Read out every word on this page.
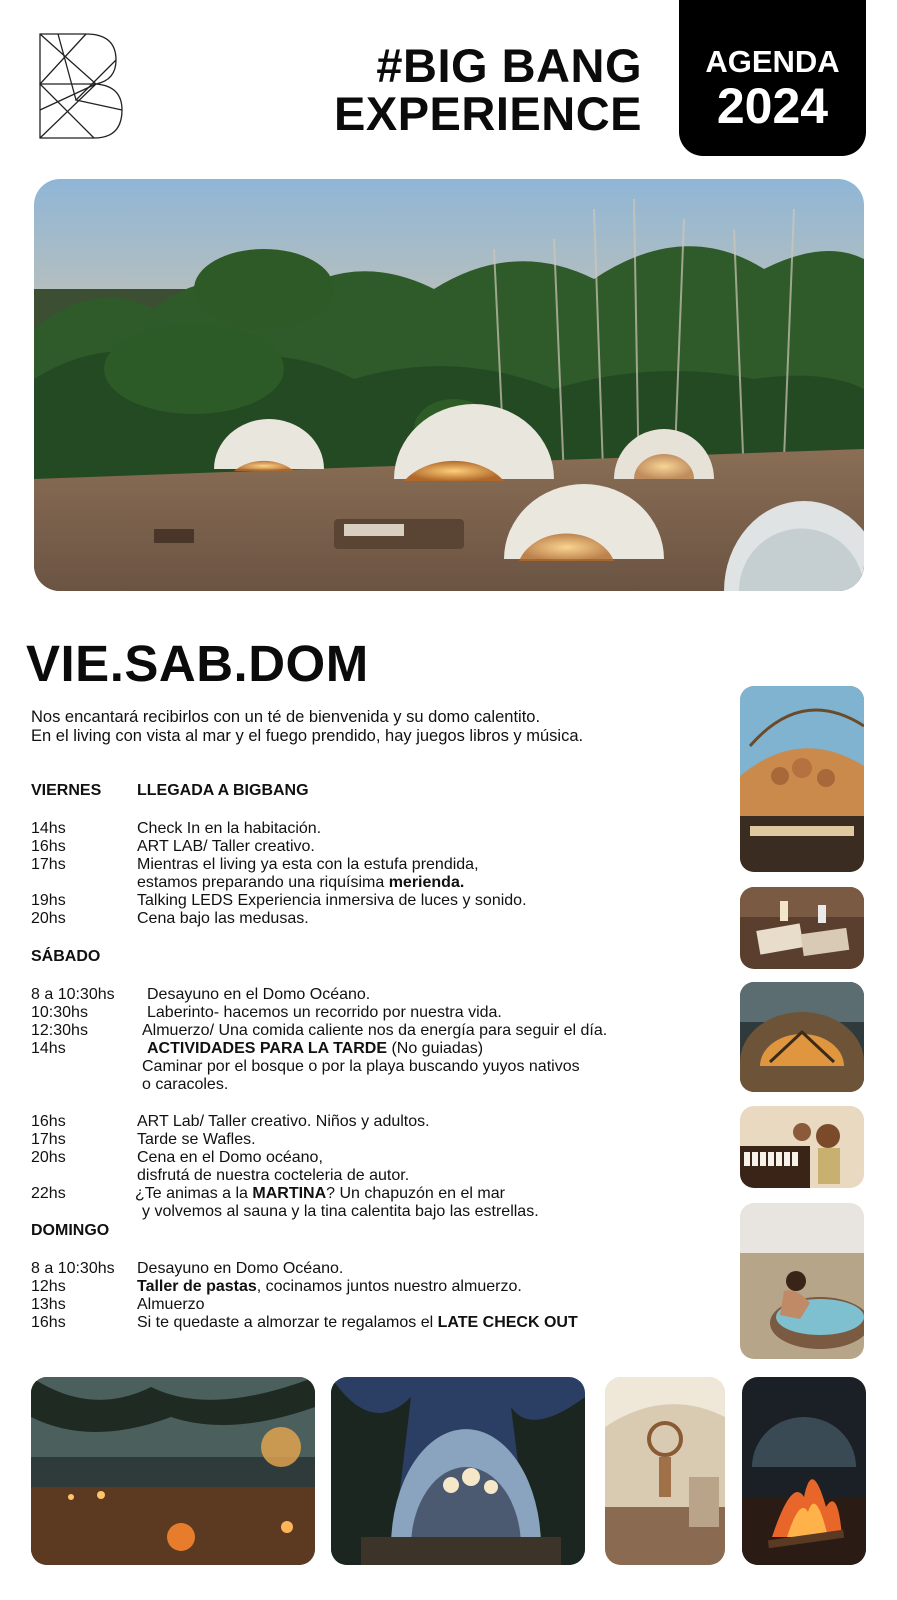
#BIG BANG
EXPERIENCE
AGENDA
2024
VIE.SAB.DOM
Nos encantará recibirlos con un té de bienvenida y su domo calentito.
En el living con vista al mar y el fuego prendido, hay juegos libros y música.
VIERNES LLEGADA A BIGBANG
14hs	Check In en la habitación.
16hs	ART LAB/ Taller creativo.
17hs	Mientras el living ya esta con la estufa prendida,
estamos preparando una riquísima merienda.
19hs	Talking LEDS Experiencia inmersiva de luces y sonido.
20hs	Cena bajo las medusas.
SÁBADO
8 a 10:30hs Desayuno en el Domo Océano.
10:30hs	Laberinto- hacemos un recorrido por nuestra vida.
12:30hs	Almuerzo/ Una comida caliente nos da energía para seguir el día.
14hs	ACTIVIDADES PARA LA TARDE (No guiadas)
Caminar por el bosque o por la playa buscando yuyos nativos
o caracoles.
16hs	ART Lab/ Taller creativo. Niños y adultos.
17hs	Tarde se Wafles.
20hs	Cena en el Domo océano,
disfrutá de nuestra cocteleria de autor.
22hs	¿Te animas a la MARTINA? Un chapuzón en el mar
y volvemos al sauna y la tina calentita bajo las estrellas.
DOMINGO
8 a 10:30hs Desayuno en Domo Océano.
12hs	Taller de pastas, cocinamos juntos nuestro almuerzo.
13hs	Almuerzo
16hs	Si te quedaste a almorzar te regalamos el LATE CHECK OUT
